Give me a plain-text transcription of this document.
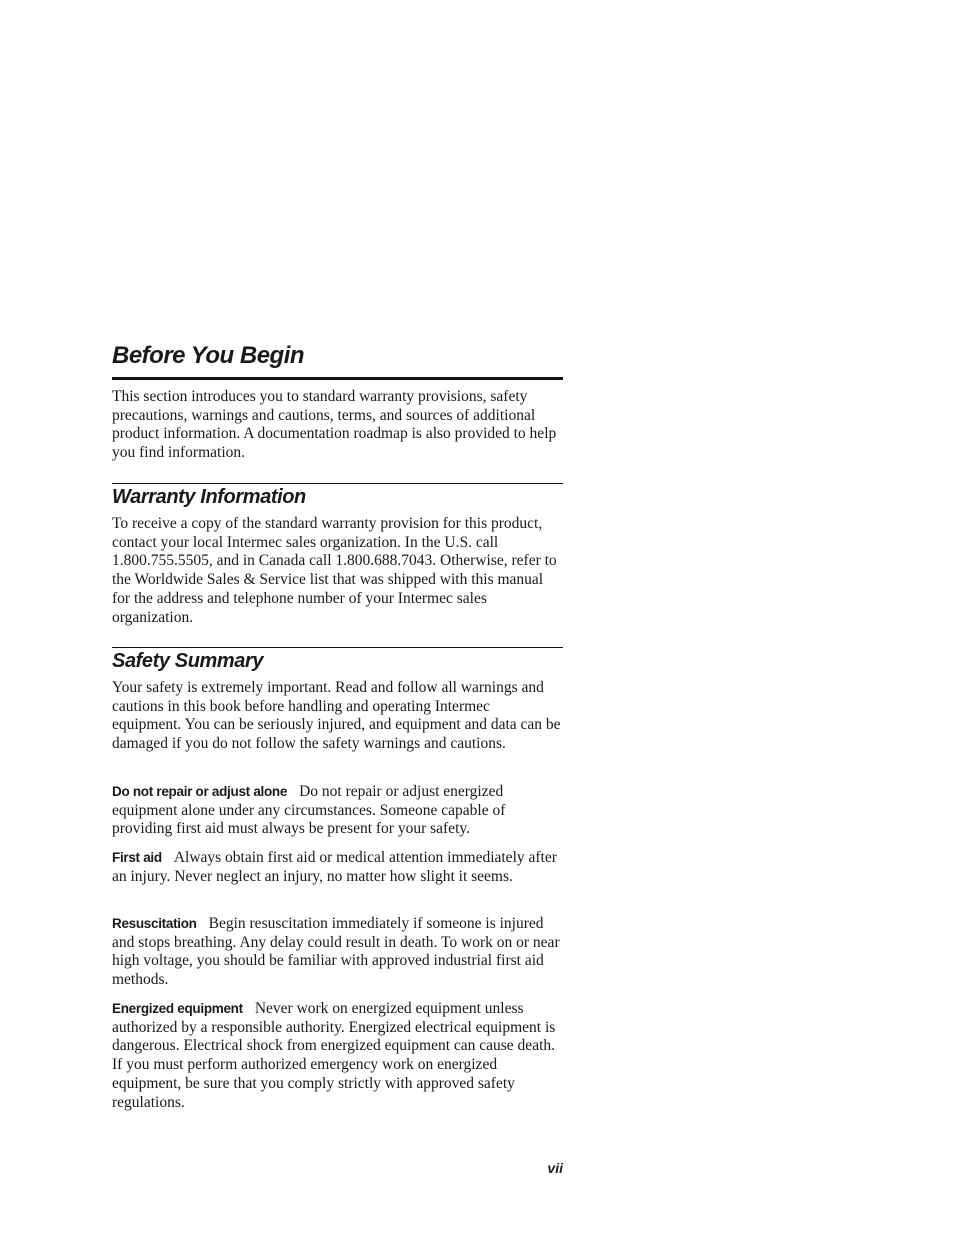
Before You Begin

This section introduces you to standard warranty provisions, safety precautions, warnings and cautions, terms, and sources of additional product information. A documentation roadmap is also provided to help you find information.

Warranty Information

To receive a copy of the standard warranty provision for this product, contact your local Intermec sales organization. In the U.S. call 1.800.755.5505, and in Canada call 1.800.688.7043. Otherwise, refer to the Worldwide Sales & Service list that was shipped with this manual for the address and telephone number of your Intermec sales organization.

Safety Summary

Your safety is extremely important. Read and follow all warnings and cautions in this book before handling and operating Intermec equipment. You can be seriously injured, and equipment and data can be damaged if you do not follow the safety warnings and cautions.

Do not repair or adjust alone Do not repair or adjust energized equipment alone under any circumstances. Someone capable of providing first aid must always be present for your safety.

First aid Always obtain first aid or medical attention immediately after an injury. Never neglect an injury, no matter how slight it seems.

Resuscitation Begin resuscitation immediately if someone is injured and stops breathing. Any delay could result in death. To work on or near high voltage, you should be familiar with approved industrial first aid methods.

Energized equipment Never work on energized equipment unless authorized by a responsible authority. Energized electrical equipment is dangerous. Electrical shock from energized equipment can cause death. If you must perform authorized emergency work on energized equipment, be sure that you comply strictly with approved safety regulations.

vii
